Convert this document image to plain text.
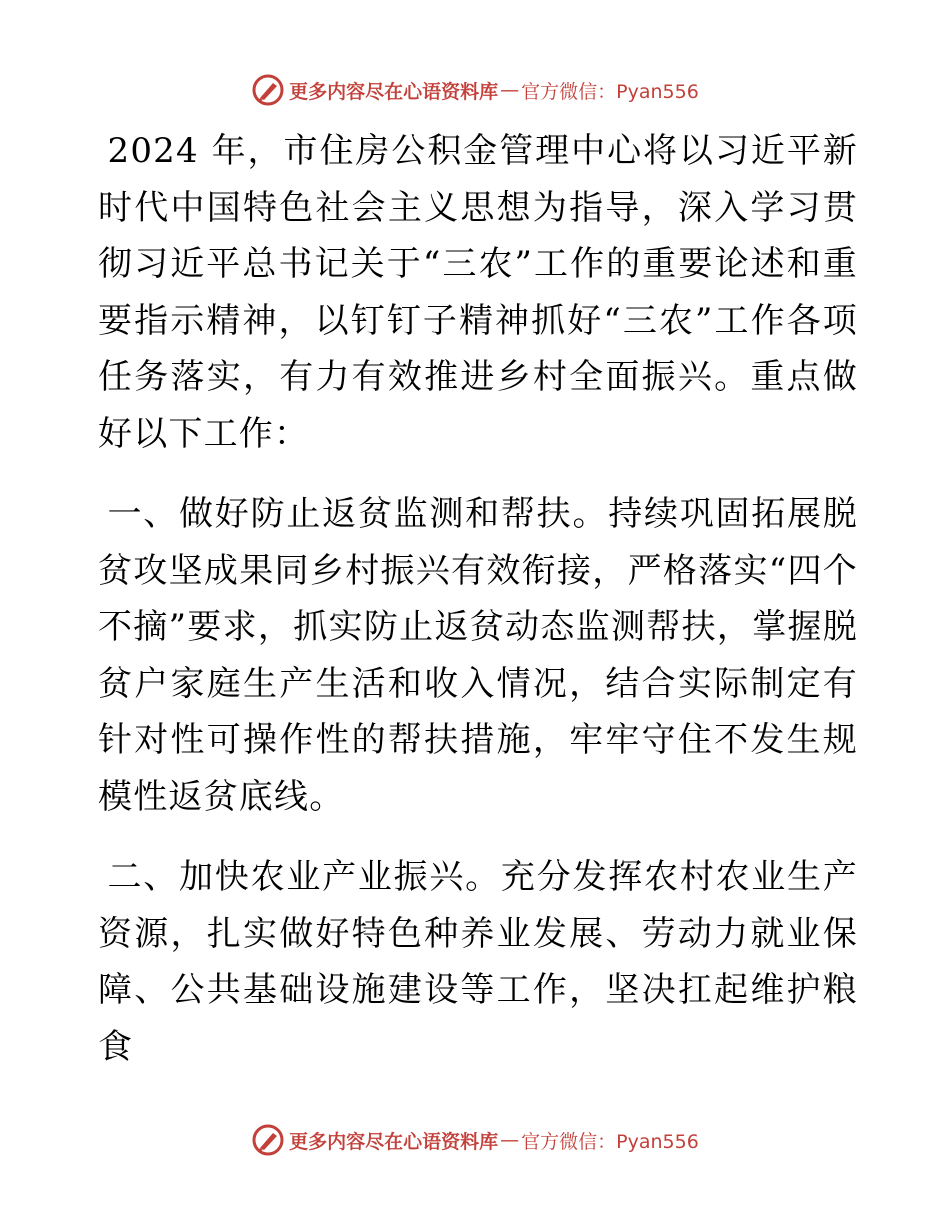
更多内容尽在心语资料库 — 官方微信：Pyan556

2024 年，市住房公积金管理中心将以习近平新时代中国特色社会主义思想为指导，深入学习贯彻习近平总书记关于“三农”工作的重要论述和重要指示精神，以钉钉子精神抓好“三农”工作各项任务落实，有力有效推进乡村全面振兴。重点做好以下工作：

一、做好防止返贫监测和帮扶。持续巩固拓展脱贫攻坚成果同乡村振兴有效衔接，严格落实“四个不摘”要求，抓实防止返贫动态监测帮扶，掌握脱贫户家庭生产生活和收入情况，结合实际制定有针对性可操作性的帮扶措施，牢牢守住不发生规模性返贫底线。

二、加快农业产业振兴。充分发挥农村农业生产资源，扎实做好特色种养业发展、劳动力就业保障、公共基础设施建设等工作，坚决扛起维护粮食

更多内容尽在心语资料库 — 官方微信：Pyan556
